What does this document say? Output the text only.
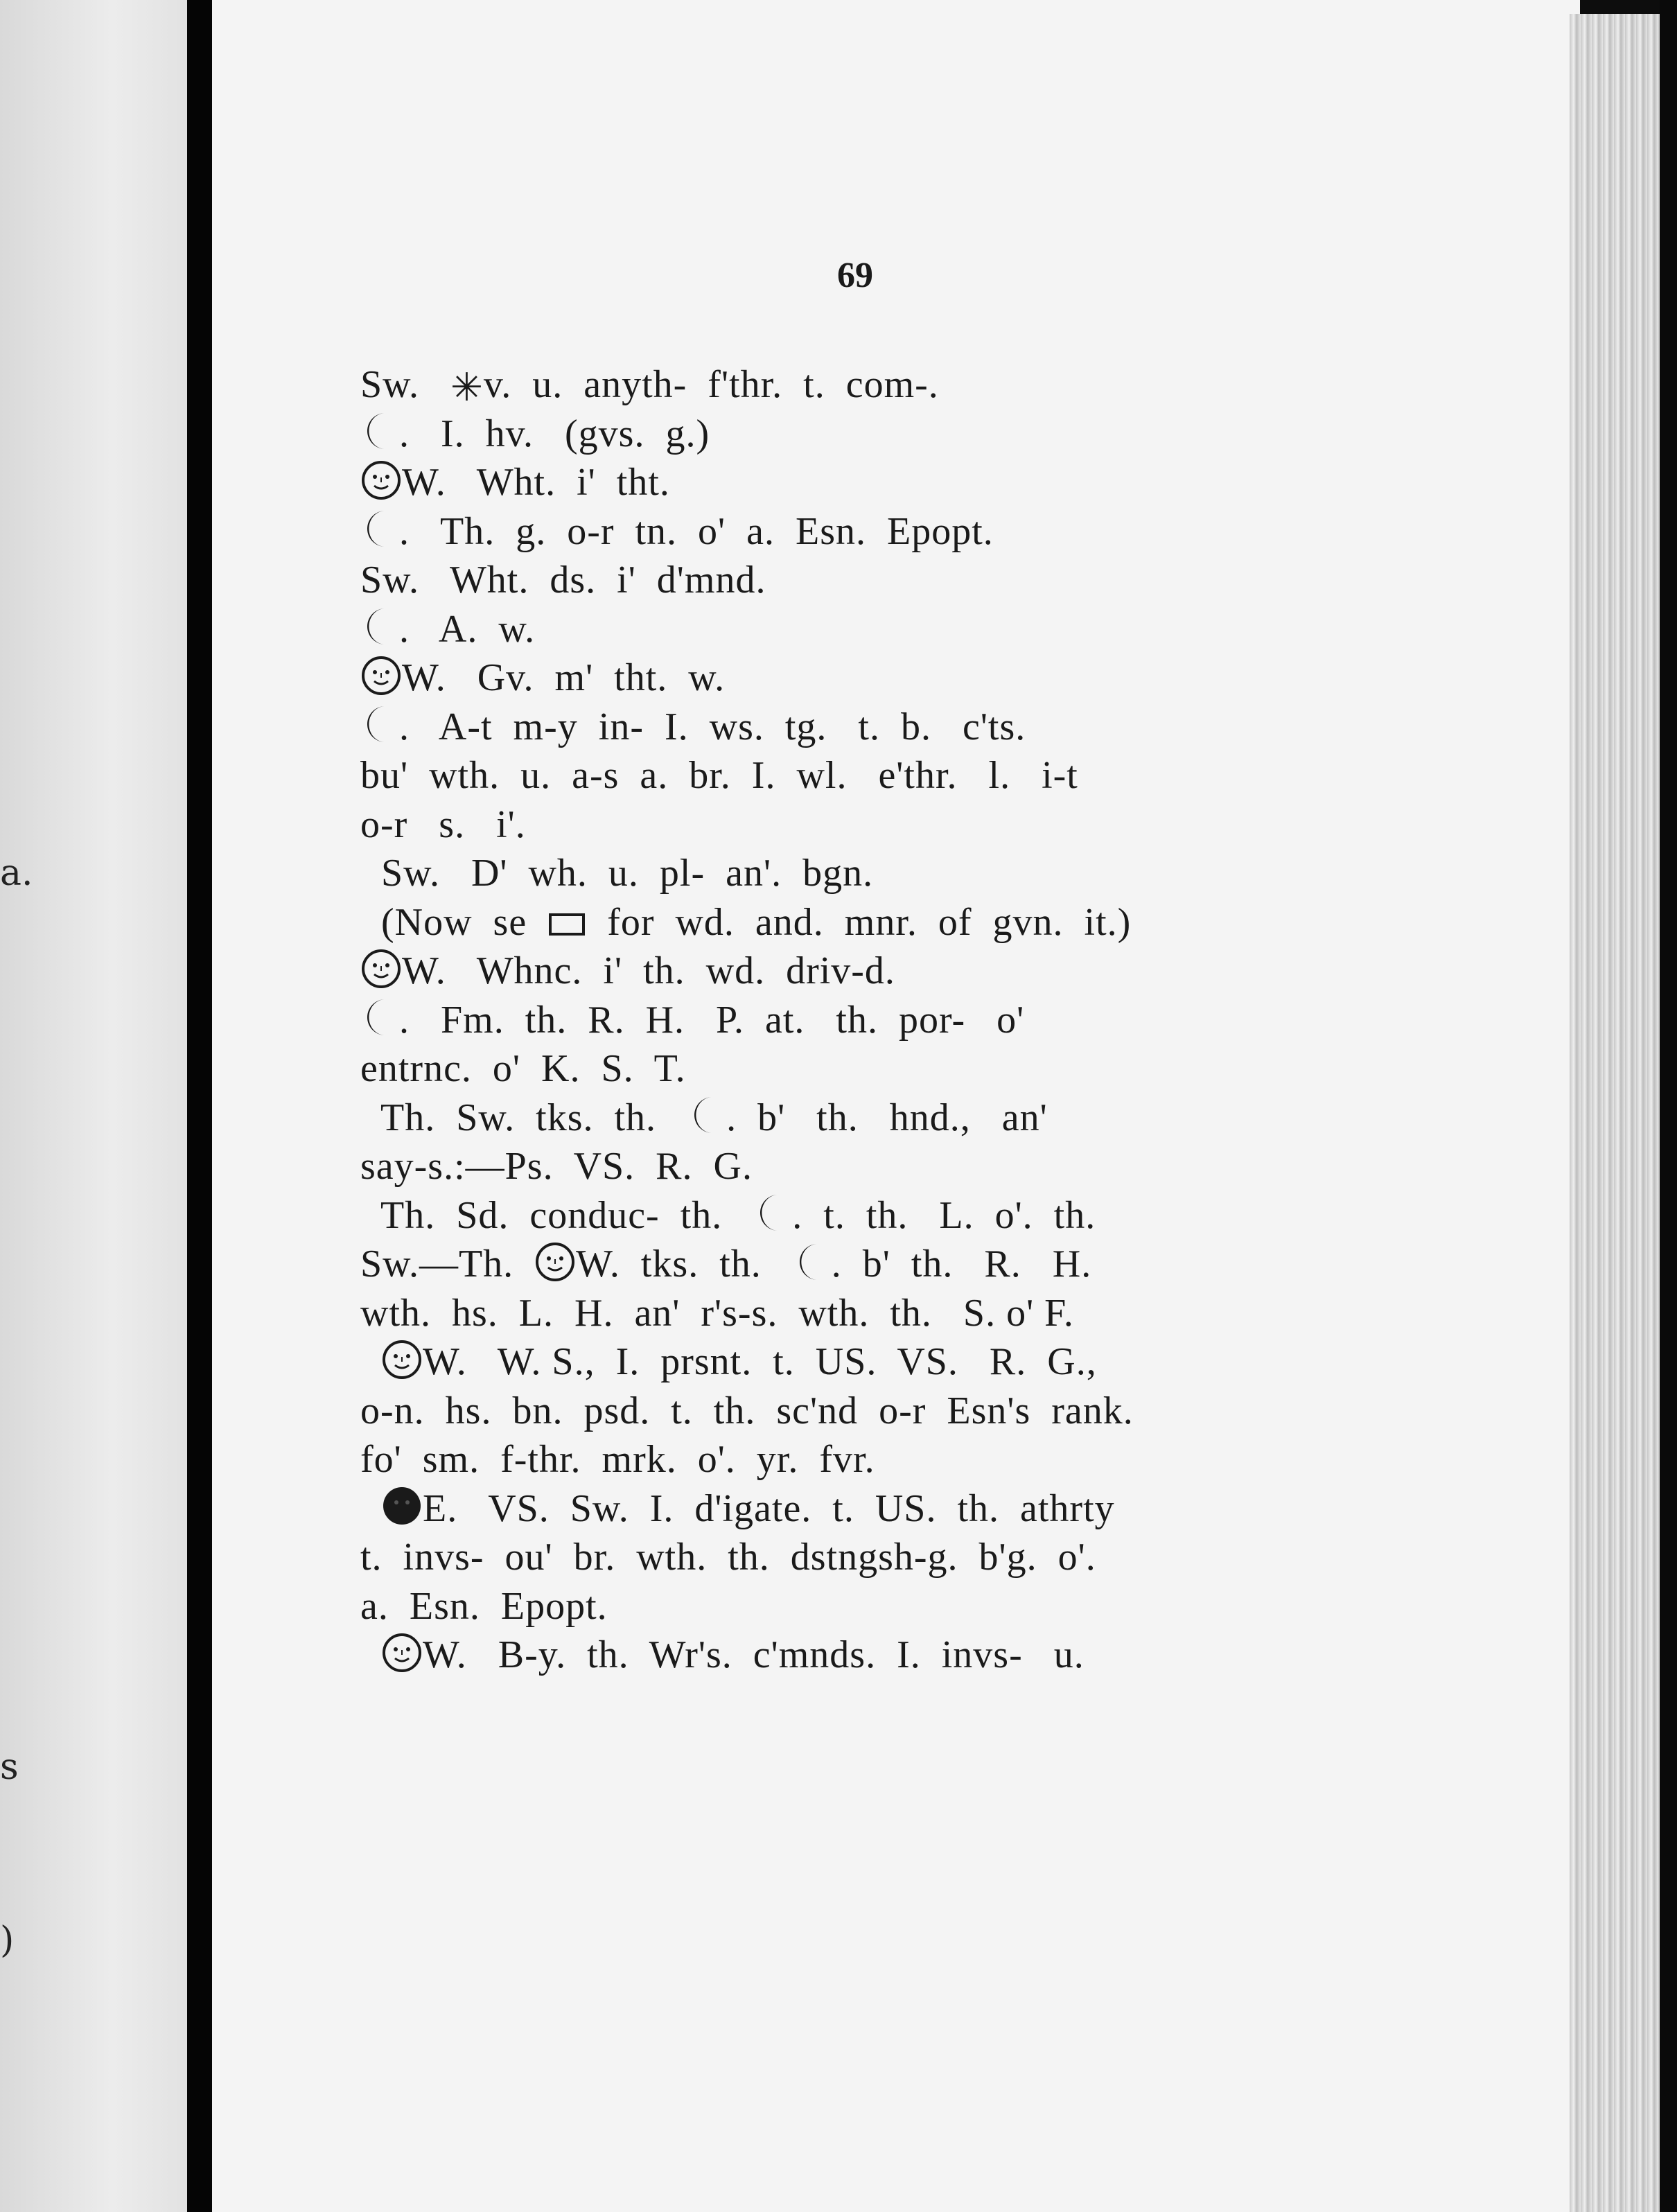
a.
s
)
69
Sw.   ✳v.  u.  anyth-  f'thr.  t.  com-.
.   I.  hv.   (gvs.  g.)
W.   Wht.  i'  tht.
.   Th.  g.  o-r  tn.  o'  a.  Esn.  Epopt.
Sw.   Wht.  ds.  i'  d'mnd.
.   A.  w.
W.   Gv.  m'  tht.  w.
.   A-t  m-y  in-  I.  ws.  tg.   t.  b.   c'ts.
bu'  wth.  u.  a-s  a.  br.  I.  wl.   e'thr.   l.   i-t
o-r   s.   i'.
Sw.   D'  wh.  u.  pl-  an'.  bgn.
(Now  se    for  wd.  and.  mnr.  of  gvn.  it.)
W.   Whnc.  i'  th.  wd.  driv-d.
.   Fm.  th.  R.  H.   P.  at.   th.  por-   o'
entrnc.  o'  K.  S.  T.
Th.  Sw.  tks.  th.   .  b'   th.   hnd.,   an'
say-s.:—Ps.  VS.  R.  G.
Th.  Sd.  conduc-  th.   .  t.  th.   L.  o'.  th.
Sw.—Th.  W.  tks.  th.   .  b'  th.   R.   H.
wth.  hs.  L.  H.  an'  r's-s.  wth.  th.   S. o' F.
W.   W. S.,  I.  prsnt.  t.  US.  VS.   R.  G.,
o-n.  hs.  bn.  psd.  t.  th.  sc'nd  o-r  Esn's  rank.
fo'  sm.  f-thr.  mrk.  o'.  yr.  fvr.
E.   VS.  Sw.  I.  d'igate.  t.  US.  th.  athrty
t.  invs-  ou'  br.  wth.  th.  dstngsh-g.  b'g.  o'.
a.  Esn.  Epopt.
W.   B-y.  th.  Wr's.  c'mnds.  I.  invs-   u.
